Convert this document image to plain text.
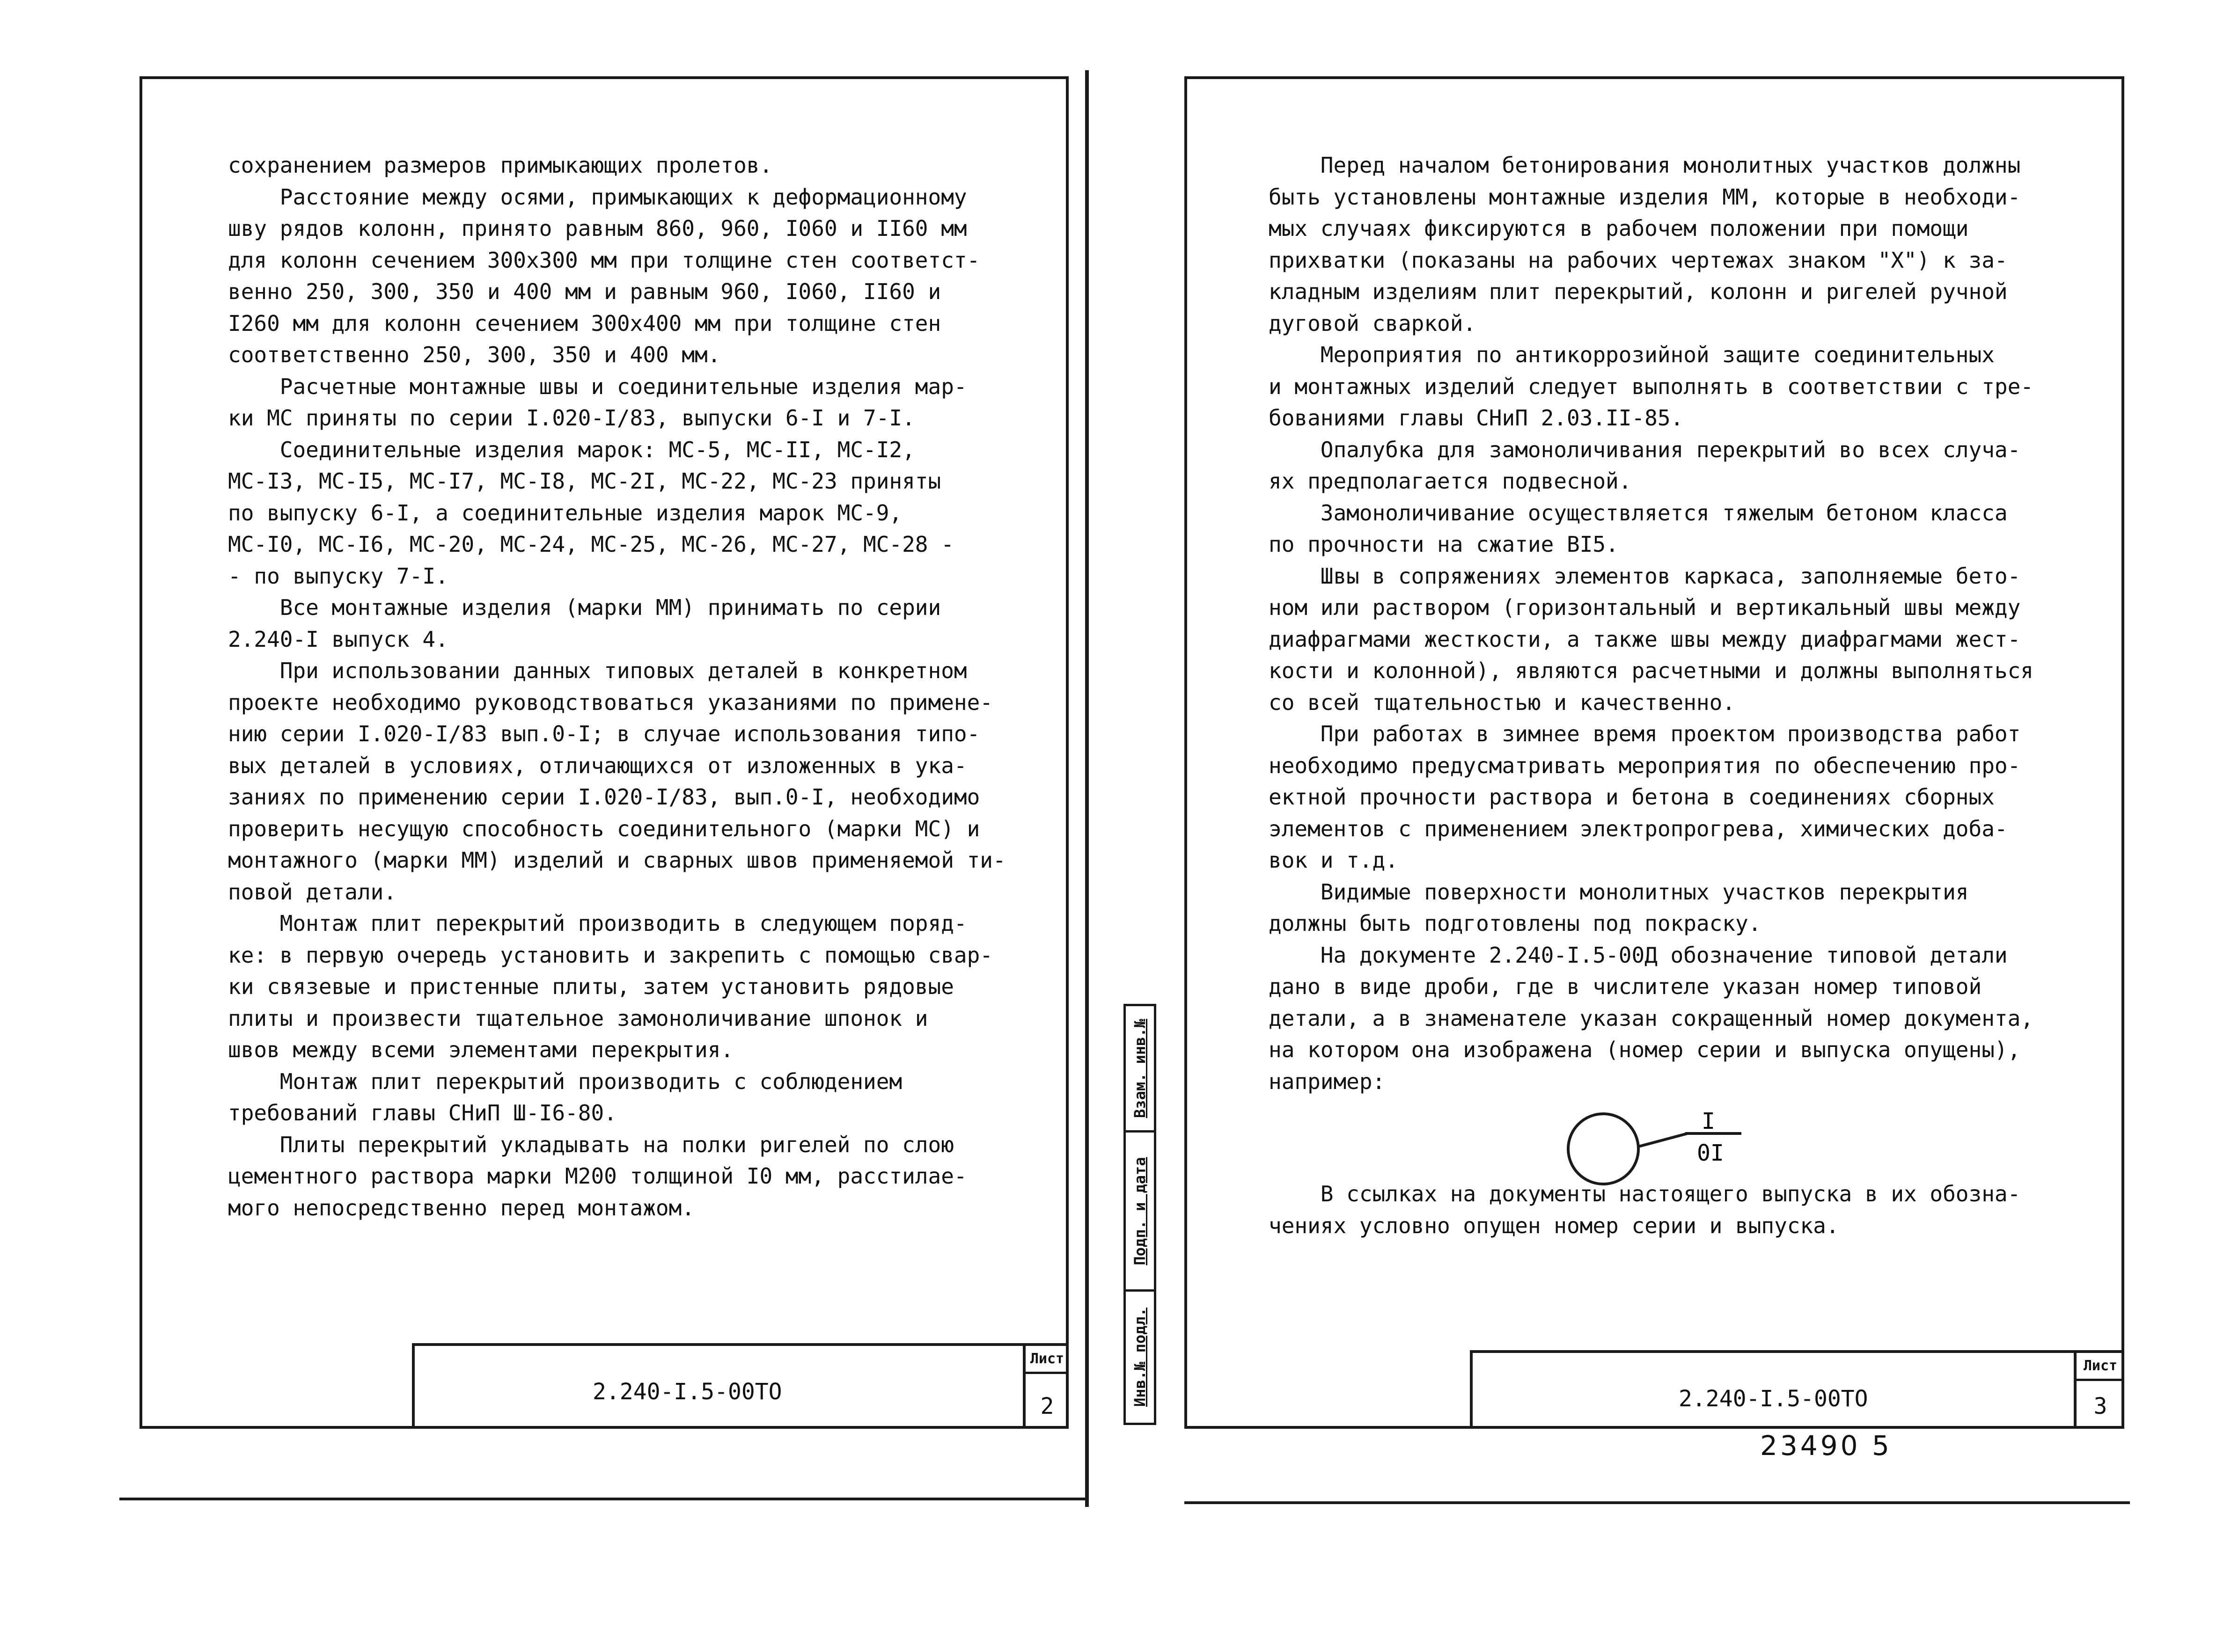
сохранением размеров примыкающих пролетов.
Расстояние между осями, примыкающих к деформационному
шву рядов колонн, принято равным 860, 960, I060 и II60 мм
для колонн сечением 300х300 мм при толщине стен соответст-
венно 250, 300, 350 и 400 мм и равным 960, I060, II60 и
I260 мм для колонн сечением 300х400 мм при толщине стен
соответственно 250, 300, 350 и 400 мм.
Расчетные монтажные швы и соединительные изделия мар-
ки МС приняты по серии I.020-I/83, выпуски 6-I и 7-I.
Соединительные изделия марок: МС-5, МС-II, МС-I2,
МС-I3, МС-I5, МС-I7, МС-I8, МС-2I, МС-22, МС-23 приняты
по выпуску 6-I, а соединительные изделия марок МС-9,
МС-I0, МС-I6, МС-20, МС-24, МС-25, МС-26, МС-27, МС-28 -
- по выпуску 7-I.
Все монтажные изделия (марки ММ) принимать по серии
2.240-I выпуск 4.
При использовании данных типовых деталей в конкретном
проекте необходимо руководствоваться указаниями по примене-
нию серии I.020-I/83 вып.0-I; в случае использования типо-
вых деталей в условиях, отличающихся от изложенных в ука-
заниях по применению серии I.020-I/83, вып.0-I, необходимо
проверить несущую способность соединительного (марки МС) и
монтажного (марки ММ) изделий и сварных швов применяемой ти-
повой детали.
Монтаж плит перекрытий производить в следующем поряд-
ке: в первую очередь установить и закрепить с помощью свар-
ки связевые и пристенные плиты, затем установить рядовые
плиты и произвести тщательное замоноличивание шпонок и
швов между всеми элементами перекрытия.
Монтаж плит перекрытий производить с соблюдением
требований главы СНиП Ш-I6-80.
Плиты перекрытий укладывать на полки ригелей по слою
цементного раствора марки М200 толщиной I0 мм, расстилае-
мого непосредственно перед монтажом.
2.240-I.5-00ТО
Лист
2
Взам. инв.№
Подп. и дата
Инв.№ подл.
Перед началом бетонирования монолитных участков должны
быть установлены монтажные изделия ММ, которые в необходи-
мых случаях фиксируются в рабочем положении при помощи
прихватки (показаны на рабочих чертежах знаком "Х") к за-
кладным изделиям плит перекрытий, колонн и ригелей ручной
дуговой сваркой.
Мероприятия по антикоррозийной защите соединительных
и монтажных изделий следует выполнять в соответствии с тре-
бованиями главы СНиП 2.03.II-85.
Опалубка для замоноличивания перекрытий во всех случа-
ях предполагается подвесной.
Замоноличивание осуществляется тяжелым бетоном класса
по прочности на сжатие BI5.
Швы в сопряжениях элементов каркаса, заполняемые бето-
ном или раствором (горизонтальный и вертикальный швы между
диафрагмами жесткости, а также швы между диафрагмами жест-
кости и колонной), являются расчетными и должны выполняться
со всей тщательностью и качественно.
При работах в зимнее время проектом производства работ
необходимо предусматривать мероприятия по обеспечению про-
ектной прочности раствора и бетона в соединениях сборных
элементов с применением электропрогрева, химических доба-
вок и т.д.
Видимые поверхности монолитных участков перекрытия
должны быть подготовлены под покраску.
На документе 2.240-I.5-00Д обозначение типовой детали
дано в виде дроби, где в числителе указан номер типовой
детали, а в знаменателе указан сокращенный номер документа,
на котором она изображена (номер серии и выпуска опущены),
например:
I
0I
В ссылках на документы настоящего выпуска в их обозна-
чениях условно опущен номер серии и выпуска.
2.240-I.5-00ТО
Лист
3
23490 5
